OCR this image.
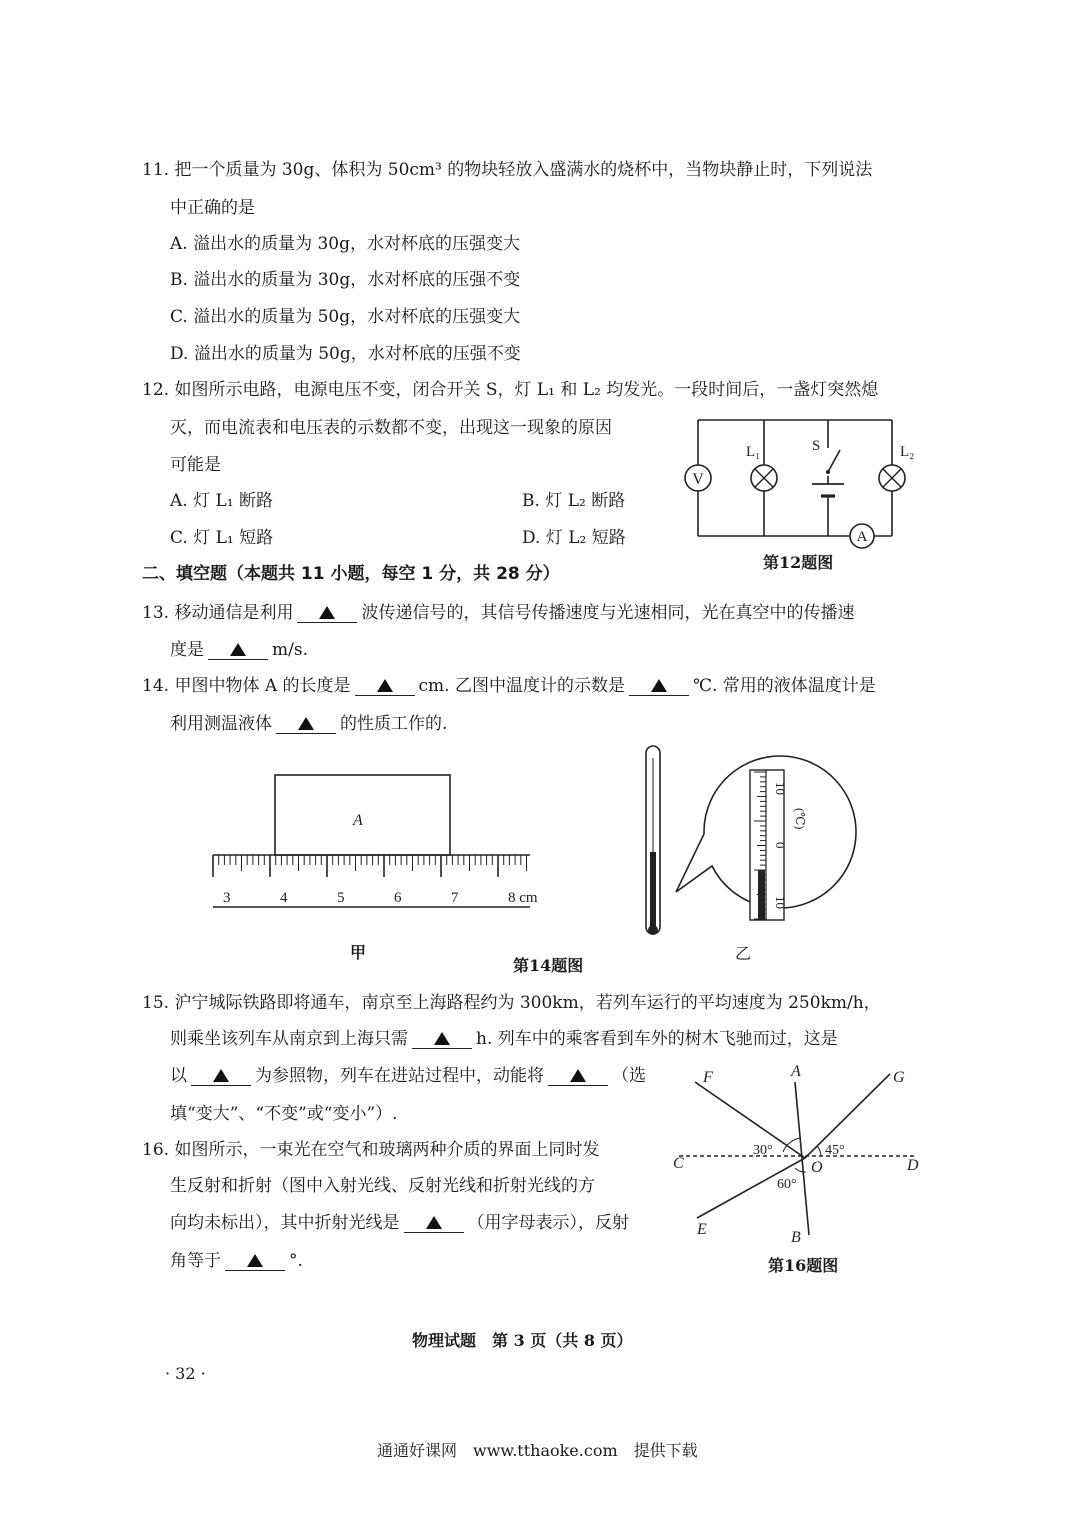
11. 把一个质量为 30g、体积为 50cm³ 的物块轻放入盛满水的烧杯中，当物块静止时，下列说法
中正确的是
A. 溢出水的质量为 30g，水对杯底的压强变大
B. 溢出水的质量为 30g，水对杯底的压强不变
C. 溢出水的质量为 50g，水对杯底的压强变大
D. 溢出水的质量为 50g，水对杯底的压强不变
12. 如图所示电路，电源电压不变，闭合开关 S，灯 L₁ 和 L₂ 均发光。一段时间后，一盏灯突然熄
灭，而电流表和电压表的示数都不变，出现这一现象的原因
可能是
A. 灯 L₁ 断路	B. 灯 L₂ 断路
C. 灯 L₁ 短路	D. 灯 L₂ 短路
V
L₁	L₂
S
A
第12题图
二、填空题（本题共 11 小题，每空 1 分，共 28 分）
13. 移动通信是利用	波传递信号的，其信号传播速度与光速相同，光在真空中的传播速
度是	m/s.
14. 甲图中物体 A 的长度是	cm. 乙图中温度计的示数是	℃. 常用的液体温度计是
利用测温液体	的性质工作的.
A
3	4	5	6	7	8 cm
10
0
10
(℃)
甲
第14题图
乙
15. 沪宁城际铁路即将通车，南京至上海路程约为 300km，若列车运行的平均速度为 250km/h，
则乘坐该列车从南京到上海只需	h. 列车中的乘客看到车外的树木飞驰而过，这是
以	为参照物，列车在进站过程中，动能将	（选
填“变大”、“不变”或“变小”）.
16. 如图所示，一束光在空气和玻璃两种介质的界面上同时发
生反射和折射（图中入射光线、反射光线和折射光线的方
向均未标出），其中折射光线是	（用字母表示），反射
角等于	°.
F	A	G
C	D
O
E	B
30°	45°
60°
第16题图
物理试题　第 3 页（共 8 页）
· 32 ·
通通好课网　www.tthaoke.com　提供下载
